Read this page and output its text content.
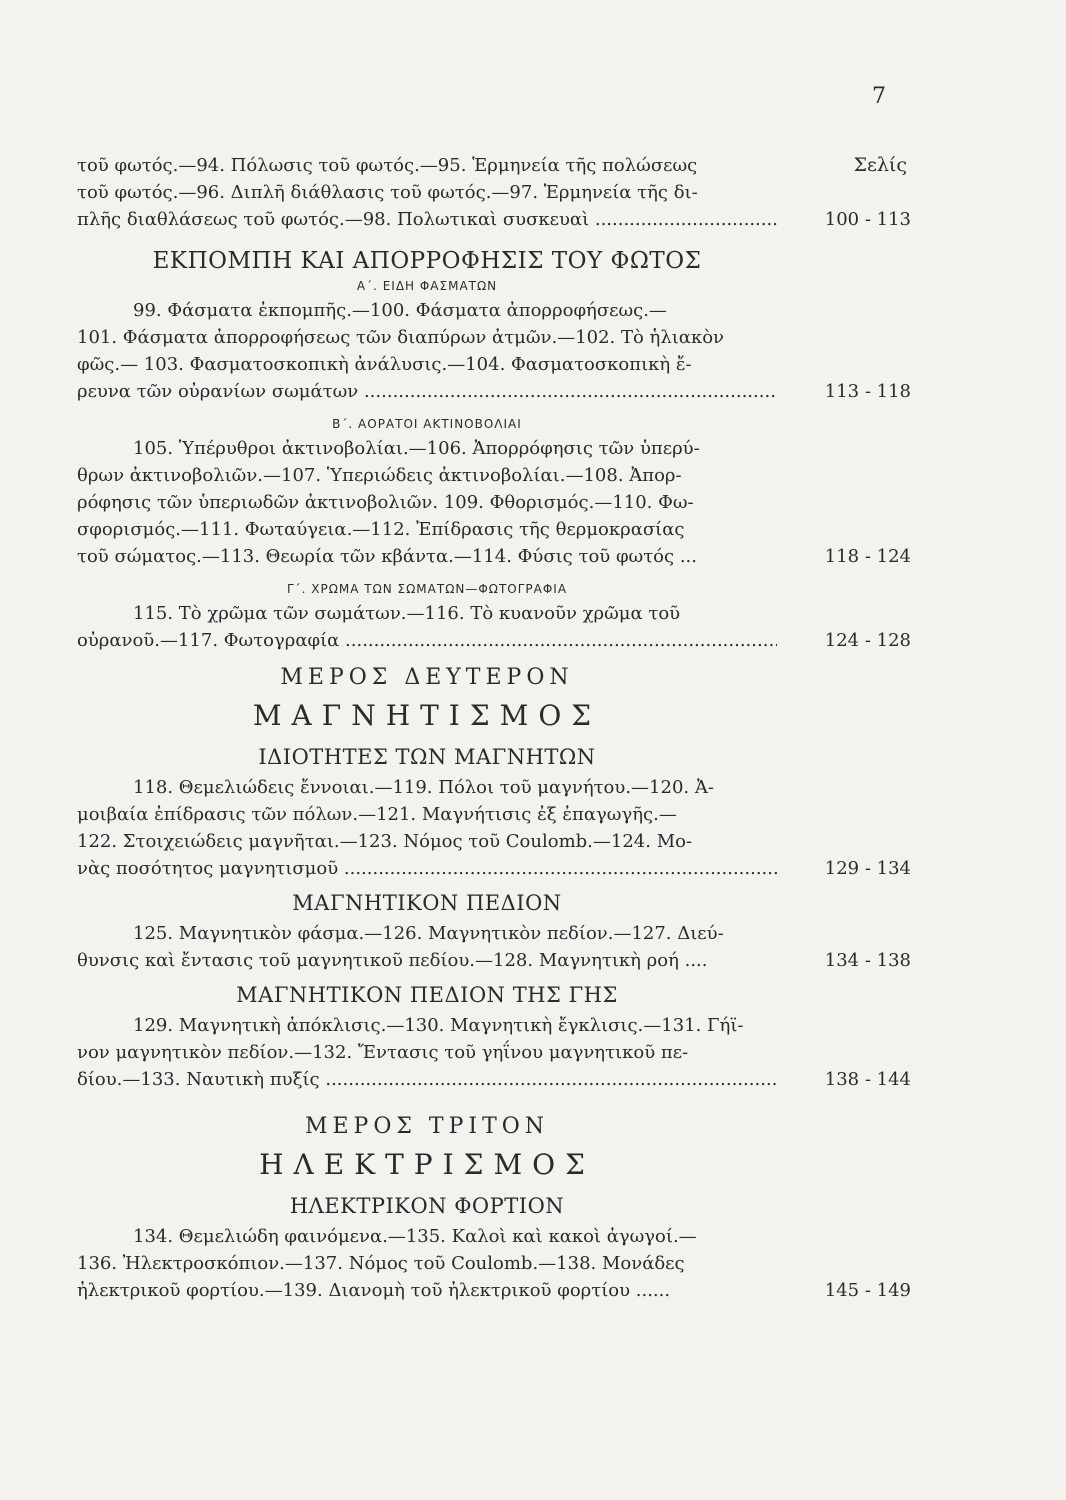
7
Σελίς
τοῦ φωτός.—94. Πόλωσις τοῦ φωτός.—95. Ἑρμηνεία τῆς πολώσεως
τοῦ φωτός.—96. Διπλῆ διάθλασις τοῦ φωτός.—97. Ἑρμηνεία τῆς δι-
πλῆς διαθλάσεως τοῦ φωτός.—98. Πολωτικαὶ συσκευαὶ .....	100 - 113
ΕΚΠΟΜΠΗ ΚΑΙ ΑΠΟΡΡΟΦΗΣΙΣ ΤΟΥ ΦΩΤΟΣ
Α΄. ΕΙΔΗ ΦΑΣΜΑΤΩΝ
99. Φάσματα ἐκπομπῆς.—100. Φάσματα ἀπορροφήσεως.—
101. Φάσματα ἀπορροφήσεως τῶν διαπύρων ἀτμῶν.—102. Τὸ ἡλιακὸν
φῶς.— 103. Φασματοσκοπικὴ ἀνάλυσις.—104. Φασματοσκοπικὴ ἔ-
ρευνα τῶν οὐρανίων σωμάτων .....	113 - 118
Β΄. ΑΟΡΑΤΟΙ ΑΚΤΙΝΟΒΟΛΙΑΙ
105. Ὑπέρυθροι ἀκτινοβολίαι.—106. Ἀπορρόφησις τῶν ὑπερύ-
θρων ἀκτινοβολιῶν.—107. Ὑπεριώδεις ἀκτινοβολίαι.—108. Ἀπορ-
ρόφησις τῶν ὑπεριωδῶν ἀκτινοβολιῶν. 109. Φθορισμός.—110. Φω-
σφορισμός.—111. Φωταύγεια.—112. Ἐπίδρασις τῆς θερμοκρασίας
τοῦ σώματος.—113. Θεωρία τῶν κβάντα.—114. Φύσις τοῦ φωτός ...	118 - 124
Γ΄. ΧΡΩΜΑ ΤΩΝ ΣΩΜΑΤΩΝ—ΦΩΤΟΓΡΑΦΙΑ
115. Τὸ χρῶμα τῶν σωμάτων.—116. Τὸ κυανοῦν χρῶμα τοῦ
οὐρανοῦ.—117. Φωτογραφία .....	124 - 128
ΜΕΡΟΣ ΔΕΥΤΕΡΟΝ
ΜΑΓΝΗΤΙΣΜΟΣ
ΙΔΙΟΤΗΤΕΣ ΤΩΝ ΜΑΓΝΗΤΩΝ
118. Θεμελιώδεις ἔννοιαι.—119. Πόλοι τοῦ μαγνήτου.—120. Ἀ-
μοιβαία ἐπίδρασις τῶν πόλων.—121. Μαγνήτισις ἐξ ἐπαγωγῆς.—
122. Στοιχειώδεις μαγνῆται.—123. Νόμος τοῦ Coulomb.—124. Μο-
νὰς ποσότητος μαγνητισμοῦ .....	129 - 134
ΜΑΓΝΗΤΙΚΟΝ ΠΕΔΙΟΝ
125. Μαγνητικὸν φάσμα.—126. Μαγνητικὸν πεδίον.—127. Διεύ-
θυνσις καὶ ἔντασις τοῦ μαγνητικοῦ πεδίου.—128. Μαγνητικὴ ροή ....	134 - 138
ΜΑΓΝΗΤΙΚΟΝ ΠΕΔΙΟΝ ΤΗΣ ΓΗΣ
129. Μαγνητικὴ ἀπόκλισις.—130. Μαγνητικὴ ἔγκλισις.—131. Γήϊ-
νον μαγνητικὸν πεδίον.—132. Ἔντασις τοῦ γηΐνου μαγνητικοῦ πε-
δίου.—133. Ναυτικὴ πυξίς .....	138 - 144
ΜΕΡΟΣ ΤΡΙΤΟΝ
ΗΛΕΚΤΡΙΣΜΟΣ
ΗΛΕΚΤΡΙΚΟΝ ΦΟΡΤΙΟΝ
134. Θεμελιώδη φαινόμενα.—135. Καλοὶ καὶ κακοὶ ἀγωγοί.—
136. Ἠλεκτροσκόπιον.—137. Νόμος τοῦ Coulomb.—138. Μονάδες
ἠλεκτρικοῦ φορτίου.—139. Διανομὴ τοῦ ἠλεκτρικοῦ φορτίου ......	145 - 149
